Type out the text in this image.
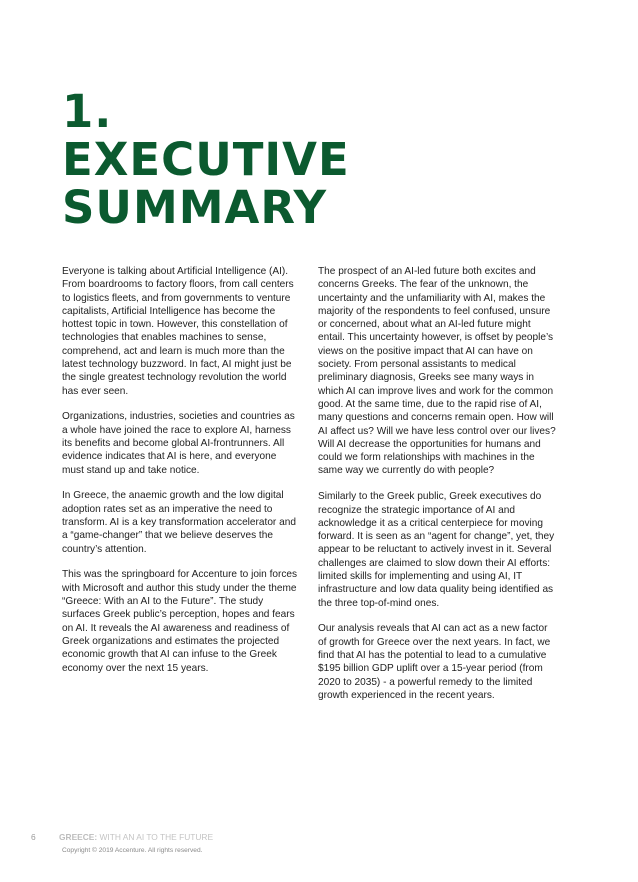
1.
EXECUTIVE
SUMMARY

Everyone is talking about Artificial Intelligence (AI). From boardrooms to factory floors, from call centers to logistics fleets, and from governments to venture capitalists, Artificial Intelligence has become the hottest topic in town. However, this constellation of technologies that enables machines to sense, comprehend, act and learn is much more than the latest technology buzzword. In fact, AI might just be the single greatest technology revolution the world has ever seen.

Organizations, industries, societies and countries as a whole have joined the race to explore AI, harness its benefits and become global AI-frontrunners. All evidence indicates that AI is here, and everyone must stand up and take notice.

In Greece, the anaemic growth and the low digital adoption rates set as an imperative the need to transform. AI is a key transformation accelerator and a “game-changer” that we believe deserves the country’s attention.

This was the springboard for Accenture to join forces with Microsoft and author this study under the theme “Greece: With an AI to the Future”. The study surfaces Greek public’s perception, hopes and fears on AI. It reveals the AI awareness and readiness of Greek organizations and estimates the projected economic growth that AI can infuse to the Greek economy over the next 15 years.

The prospect of an AI-led future both excites and concerns Greeks. The fear of the unknown, the uncertainty and the unfamiliarity with AI, makes the majority of the respondents to feel confused, unsure or concerned, about what an AI-led future might entail. This uncertainty however, is offset by people’s views on the positive impact that AI can have on society. From personal assistants to medical preliminary diagnosis, Greeks see many ways in which AI can improve lives and work for the common good. At the same time, due to the rapid rise of AI, many questions and concerns remain open. How will AI affect us? Will we have less control over our lives? Will AI decrease the opportunities for humans and could we form relationships with machines in the same way we currently do with people?

Similarly to the Greek public, Greek executives do recognize the strategic importance of AI and acknowledge it as a critical centerpiece for moving forward. It is seen as an “agent for change”, yet, they appear to be reluctant to actively invest in it. Several challenges are claimed to slow down their AI efforts: limited skills for implementing and using AI, IT infrastructure and low data quality being identified as the three top-of-mind ones.

Our analysis reveals that AI can act as a new factor of growth for Greece over the next years. In fact, we find that AI has the potential to lead to a cumulative $195 billion GDP uplift over a 15-year period (from 2020 to 2035) - a powerful remedy to the limited growth experienced in the recent years.

6	GREECE: WITH AN AI TO THE FUTURE
Copyright © 2019 Accenture. All rights reserved.
